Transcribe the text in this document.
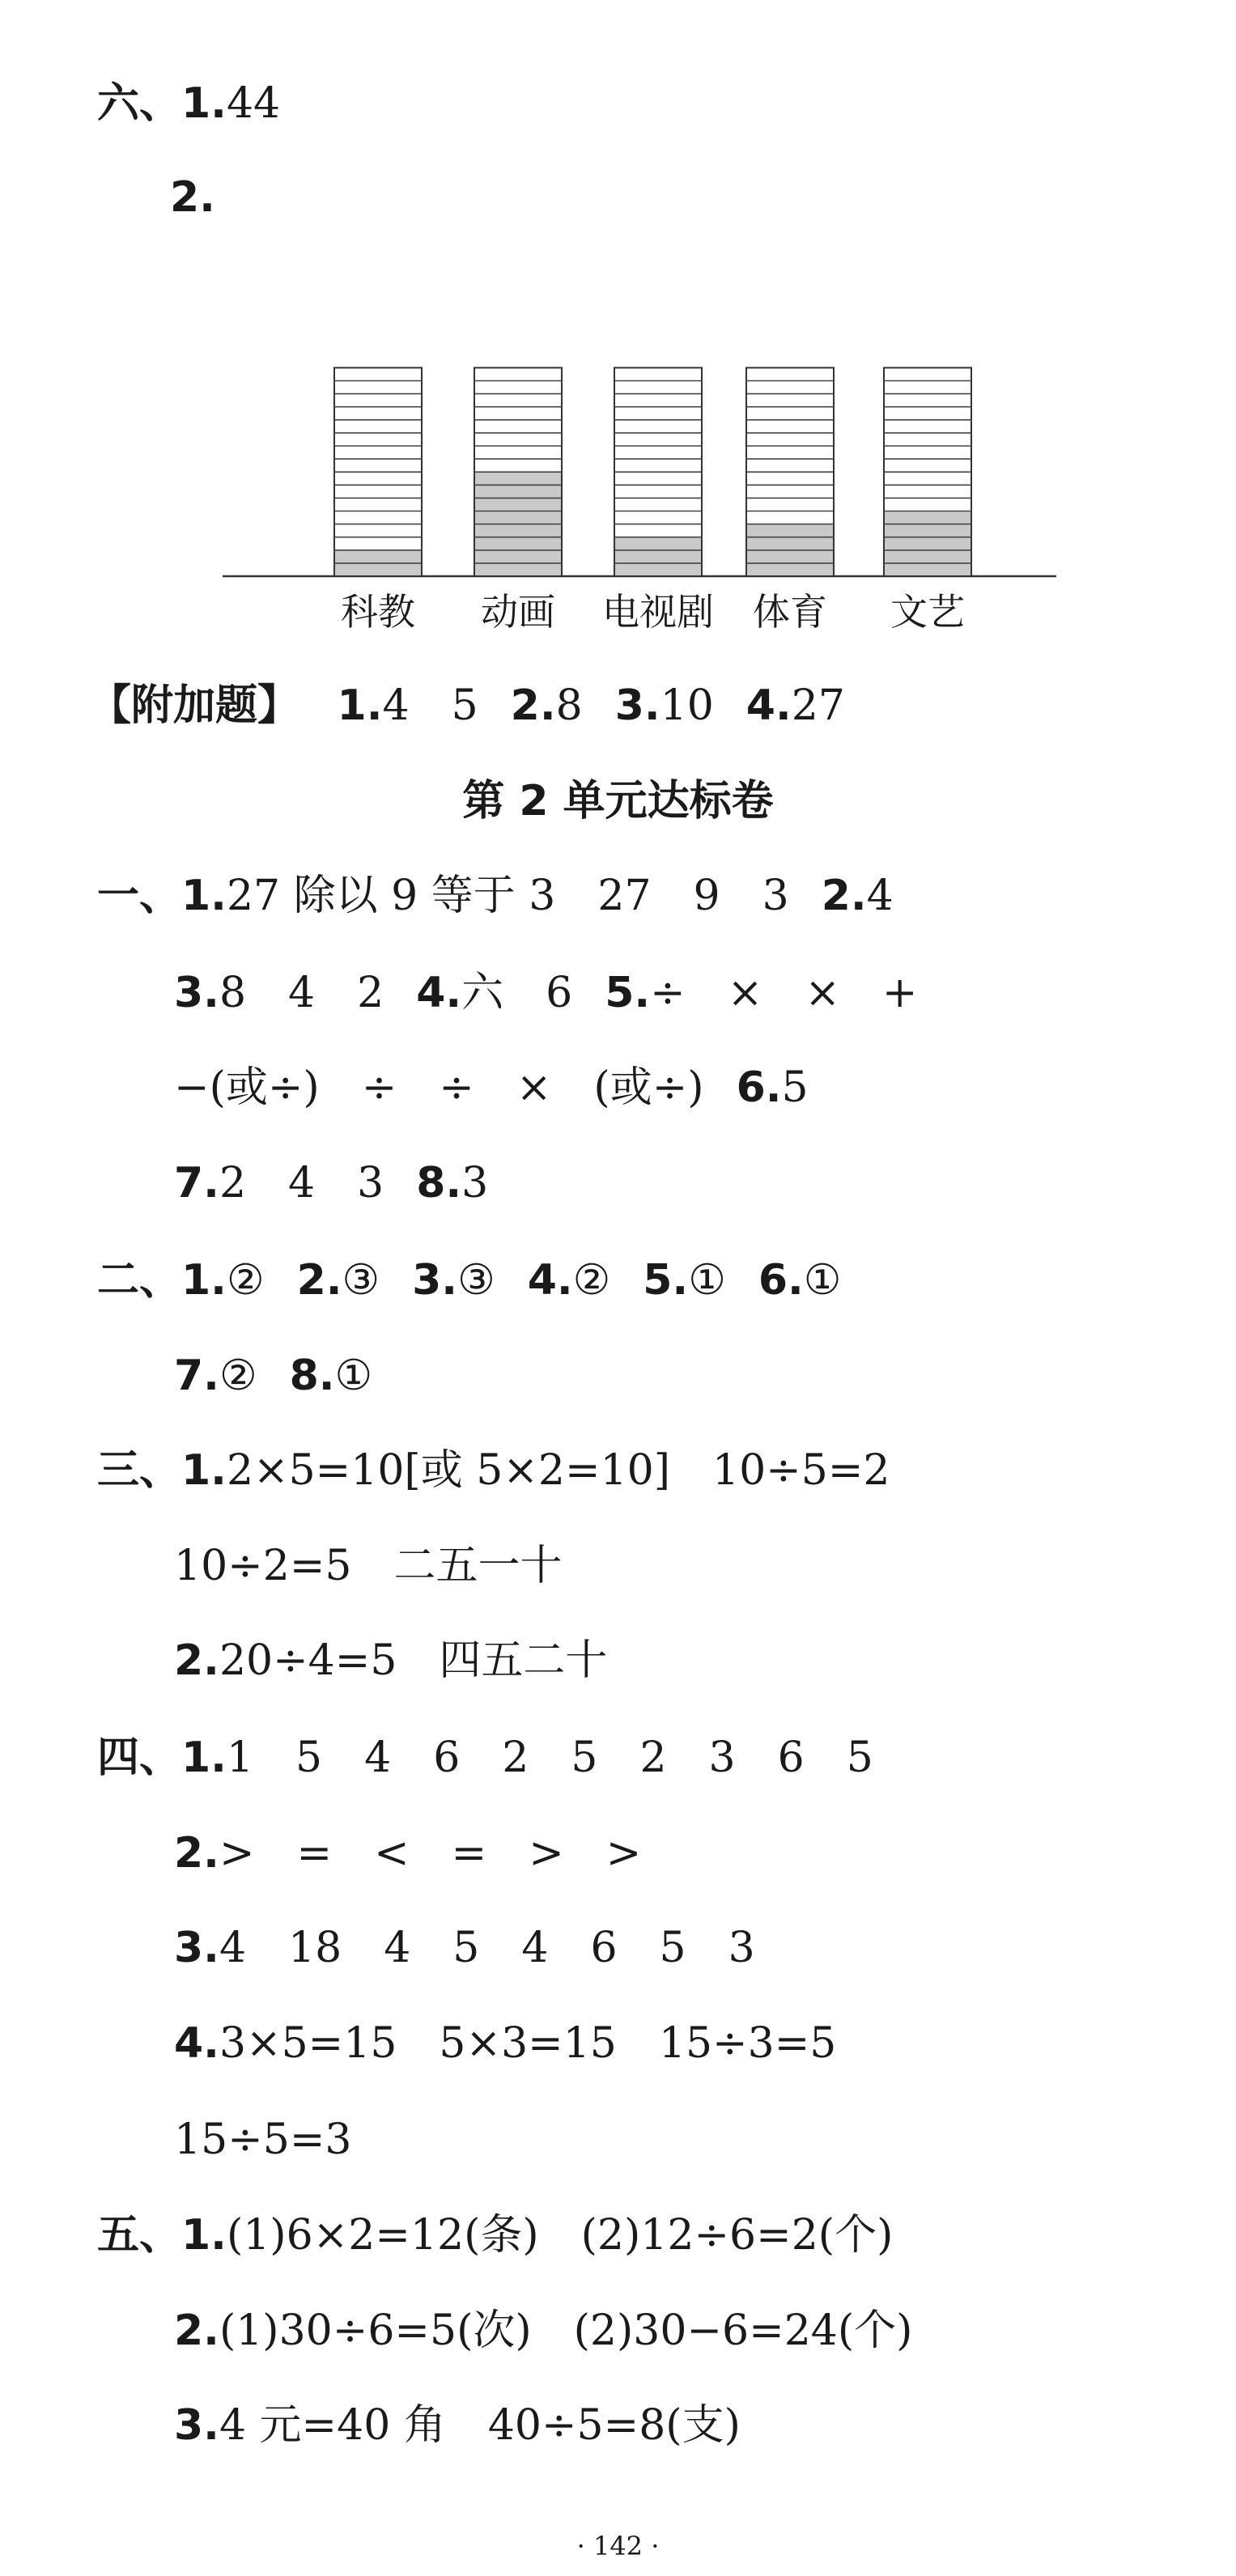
六、1.44
2.
科教 动画 电视剧 体育 文艺
【附加题】 1.4　5 2.8 3.10 4.27
第 2 单元达标卷
一、1.27 除以 9 等于 3　27　9　3 2.4
3.8　4　2 4.六　6 5.÷　×　×　+
−(或÷)　÷　÷　×　(或÷) 6.5
7.2　4　3 8.3
二、1.② 2.③ 3.③ 4.② 5.① 6.①
7.② 8.①
三、1.2×5=10[或 5×2=10]　10÷5=2
10÷2=5　二五一十
2.20÷4=5　四五二十
四、1.1　5　4　6　2　5　2　3　6　5
2.>　=　<　=　>　>
3.4　18　4　5　4　6　5　3
4.3×5=15　5×3=15　15÷3=5
15÷5=3
五、1.(1)6×2=12(条)　(2)12÷6=2(个)
2.(1)30÷6=5(次)　(2)30−6=24(个)
3.4 元=40 角　40÷5=8(支)
· 142 ·
